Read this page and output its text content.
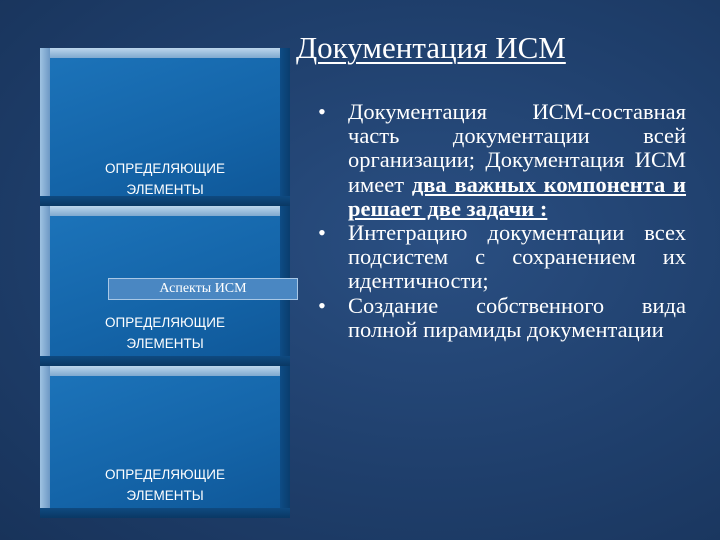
Документация ИСМ
ОПРЕДЕЛЯЮЩИЕ
ЭЛЕМЕНТЫ
Аспекты ИСМ
ОПРЕДЕЛЯЮЩИЕ
ЭЛЕМЕНТЫ
ОПРЕДЕЛЯЮЩИЕ
ЭЛЕМЕНТЫ
• Документация ИСМ-составная часть документации всей организации; Документация ИСМ имеет два важных компонента и решает две задачи :
• Интеграцию документации всех подсистем с сохранением их идентичности;
• Создание собственного вида полной пирамиды документации
